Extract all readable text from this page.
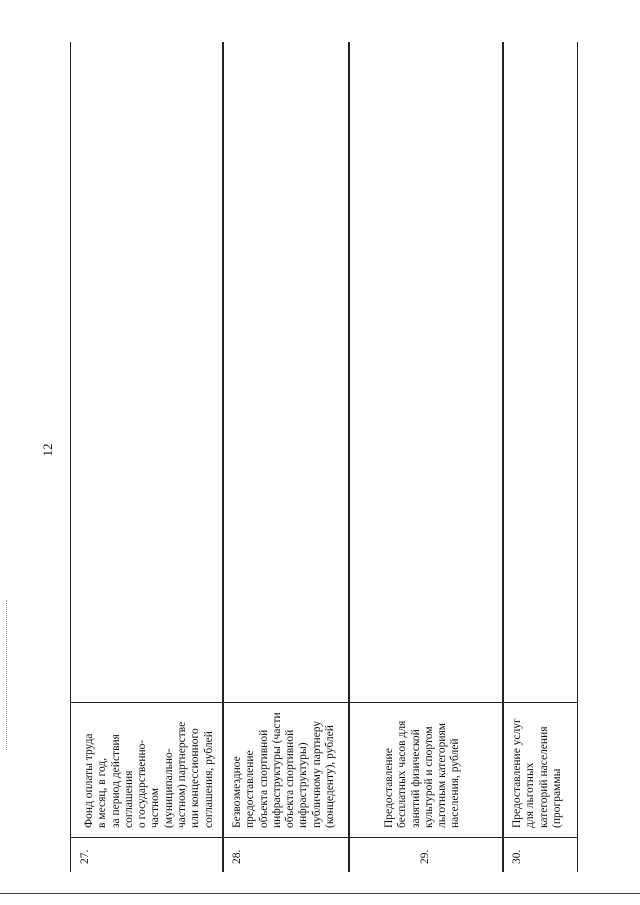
12
27.
Фонд оплаты труда
в месяц, в год,
за период действия
соглашения
о государственно-
частном
(муниципально-
частном) партнерстве
или концессионного
соглашения, рублей
28.
Безвозмездное
предоставление
объекта спортивной
инфраструктуры (части
объекта спортивной
инфраструктуры)
публичному партнеру
(концеденту), рублей
29.
Предоставление
бесплатных часов для
занятий физической
культурой и спортом
льготным категориям
населения, рублей
30.
Предоставление услуг
для льготных
категорий населения
(программы
